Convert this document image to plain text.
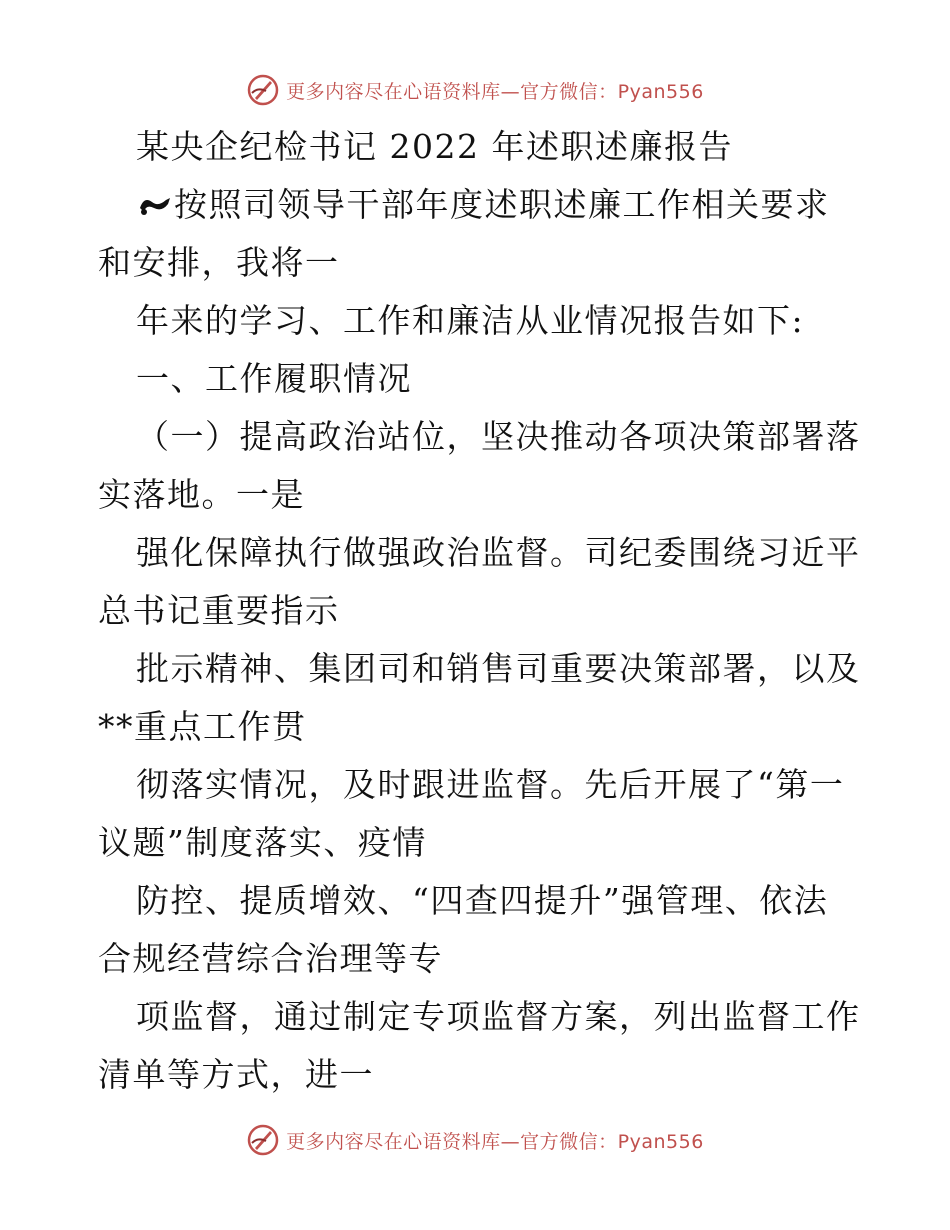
更多内容尽在心语资料库—官方微信：Pyan556
某央企纪检书记 2022 年述职述廉报告
按照司领导干部年度述职述廉工作相关要求
和安排，我将一
年来的学习、工作和廉洁从业情况报告如下:
一、工作履职情况
（一）提高政治站位，坚决推动各项决策部署落
实落地。一是
强化保障执行做强政治监督。司纪委围绕习近平
总书记重要指示
批示精神、集团司和销售司重要决策部署，以及
**重点工作贯
彻落实情况，及时跟进监督。先后开展了“第一
议题”制度落实、疫情
防控、提质增效、“四查四提升”强管理、依法
合规经营综合治理等专
项监督，通过制定专项监督方案，列出监督工作
清单等方式，进一
更多内容尽在心语资料库—官方微信：Pyan556
